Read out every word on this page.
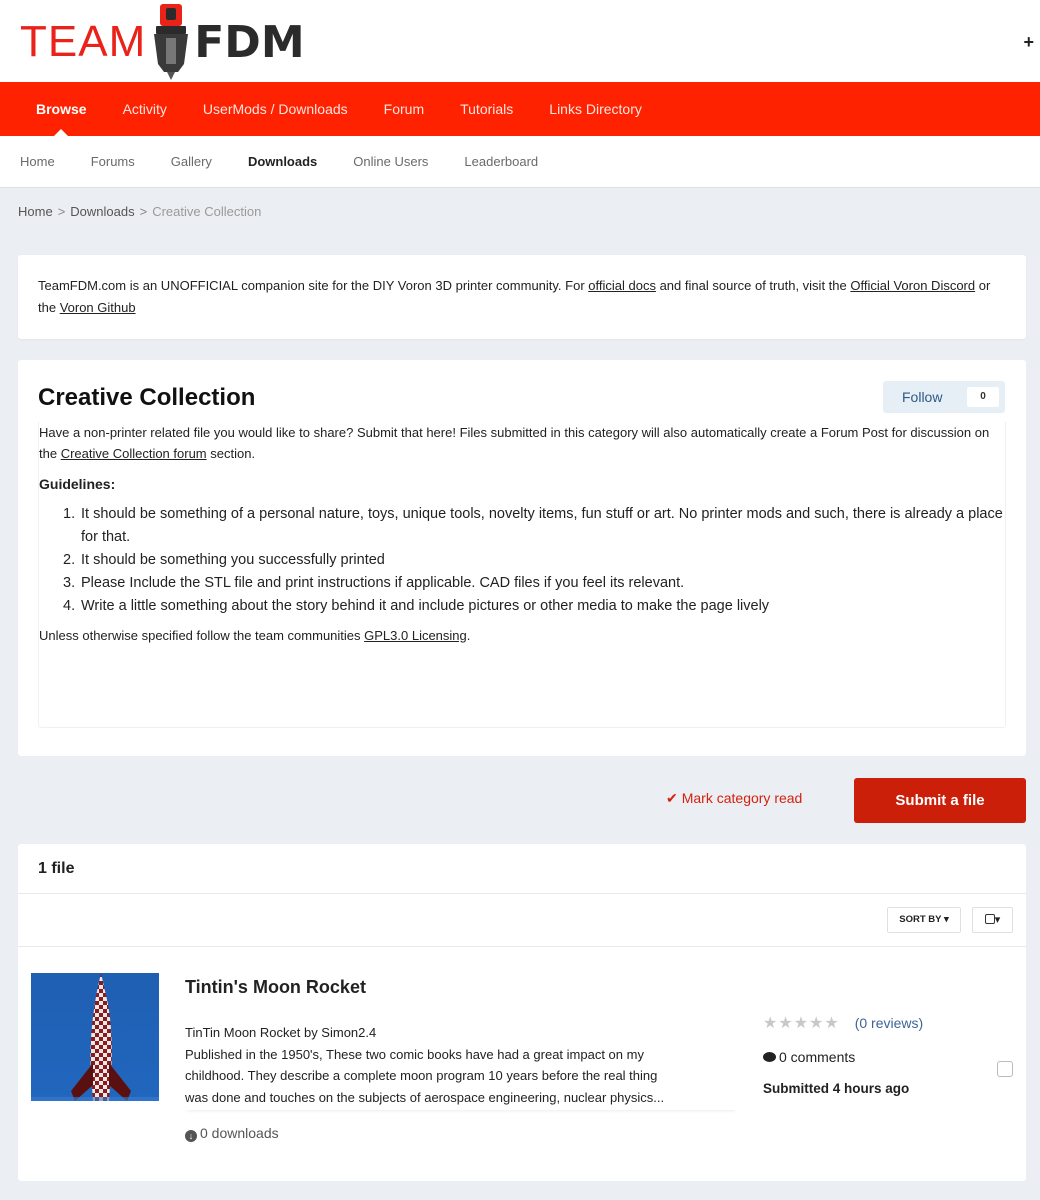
TEAM FDM	+
Browse	Activity	UserMods / Downloads	Forum	Tutorials	Links Directory
Home	Forums	Gallery	Downloads	Online Users	Leaderboard
Home > Downloads > Creative Collection
TeamFDM.com is an UNOFFICIAL companion site for the DIY Voron 3D printer community. For official docs and final source of truth, visit the Official Voron Discord or the Voron Github
Creative Collection	Follow	0
Have a non-printer related file you would like to share? Submit that here! Files submitted in this category will also automatically create a Forum Post for discussion on the Creative Collection forum section.
Guidelines:
1. It should be something of a personal nature, toys, unique tools, novelty items, fun stuff or art. No printer mods and such, there is already a place for that.
2. It should be something you successfully printed
3. Please Include the STL file and print instructions if applicable. CAD files if you feel its relevant.
4. Write a little something about the story behind it and include pictures or other media to make the page lively
Unless otherwise specified follow the team communities GPL3.0 Licensing.
✔ Mark category read	Submit a file
1 file
SORT BY ▾	▾
Tintin's Moon Rocket

TinTin Moon Rocket by Simon2.4

Published in the 1950's, These two comic books have had a great impact on my

childhood. They describe a complete moon program 10 years before the real thing

was done and touches on the subjects of aerospace engineering, nuclear physics...

↓ 0 downloads
★★★★★ (0 reviews)
0 comments
Submitted 4 hours ago
